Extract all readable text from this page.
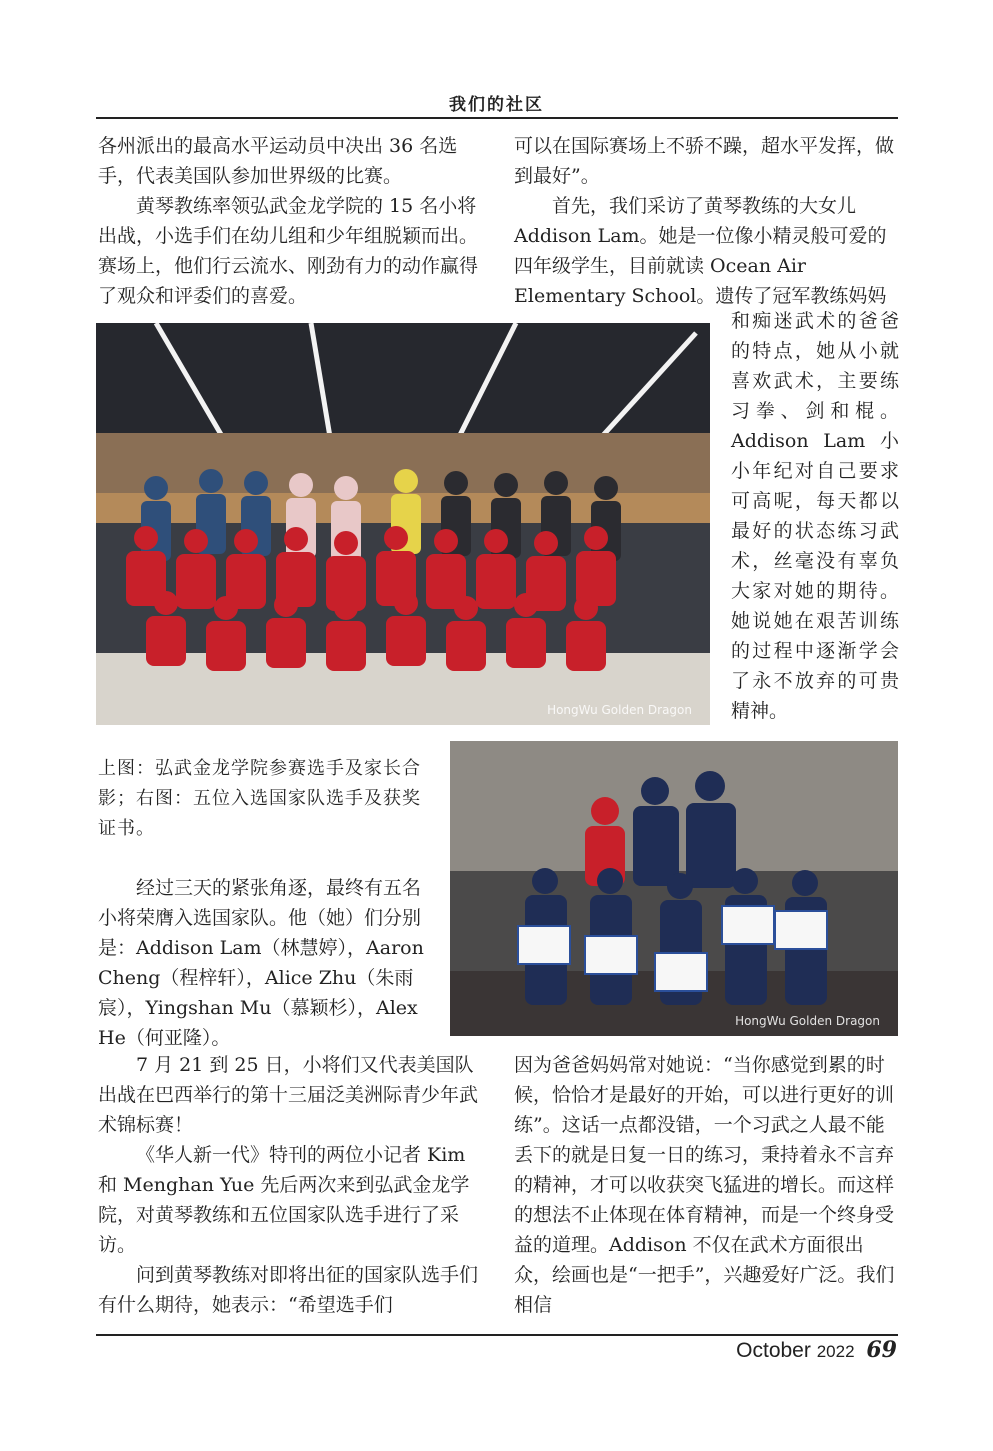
我们的社区

各州派出的最高水平运动员中决出 36 名选手，代表美国队参加世界级的比赛。

黄琴教练率领弘武金龙学院的 15 名小将出战，小选手们在幼儿组和少年组脱颖而出。赛场上，他们行云流水、刚劲有力的动作赢得了观众和评委们的喜爱。

可以在国际赛场上不骄不躁，超水平发挥，做到最好”。

首先，我们采访了黄琴教练的大女儿 Addison Lam。她是一位像小精灵般可爱的四年级学生，目前就读 Ocean Air Elementary School。遗传了冠军教练妈妈

HongWu Golden Dragon

和痴迷武术的爸爸的特点，她从小就喜欢武术，主要练习拳、剑和棍。Addison Lam 小小年纪对自己要求可高呢，每天都以最好的状态练习武术，丝毫没有辜负大家对她的期待。她说她在艰苦训练的过程中逐渐学会了永不放弃的可贵精神。

上图：弘武金龙学院参赛选手及家长合影；右图：五位入选国家队选手及获奖证书。
HongWu Golden Dragon

经过三天的紧张角逐，最终有五名小将荣膺入选国家队。他（她）们分别是：Addison Lam（林慧婷），Aaron Cheng（程梓轩），Alice Zhu（朱雨宸），Yingshan Mu（慕颖杉），Alex He（何亚隆）。

7 月 21 到 25 日，小将们又代表美国队出战在巴西举行的第十三届泛美洲际青少年武术锦标赛！

《华人新一代》特刊的两位小记者 Kim 和 Menghan Yue 先后两次来到弘武金龙学院，对黄琴教练和五位国家队选手进行了采访。

问到黄琴教练对即将出征的国家队选手们有什么期待，她表示：“希望选手们

因为爸爸妈妈常对她说：“当你感觉到累的时候，恰恰才是最好的开始，可以进行更好的训练”。这话一点都没错，一个习武之人最不能丢下的就是日复一日的练习，秉持着永不言弃的精神，才可以收获突飞猛进的增长。而这样的想法不止体现在体育精神，而是一个终身受益的道理。Addison 不仅在武术方面很出众，绘画也是“一把手”，兴趣爱好广泛。我们相信

October 2022 69
